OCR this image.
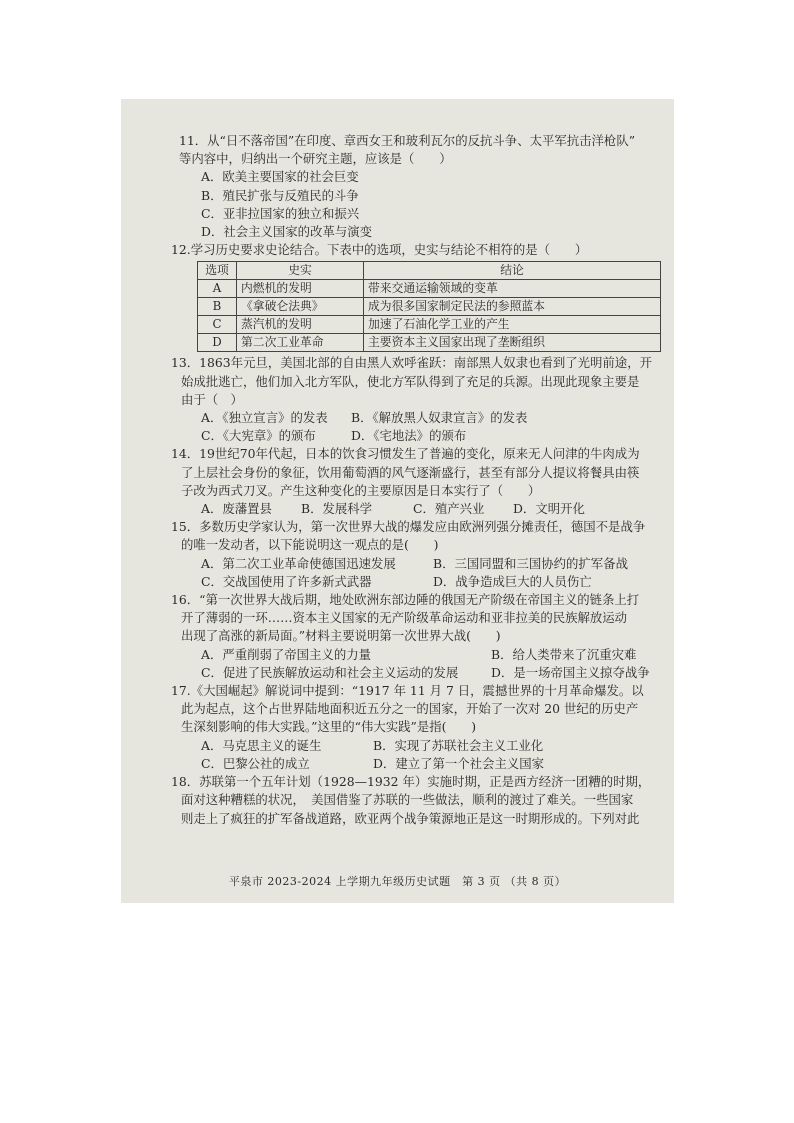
11．从“日不落帝国”在印度、章西女王和玻利瓦尔的反抗斗争、太平军抗击洋枪队”

等内容中，归纳出一个研究主题，应该是（　　）

A．欧美主要国家的社会巨变

B．殖民扩张与反殖民的斗争

C．亚非拉国家的独立和振兴

D．社会主义国家的改革与演变

12.学习历史要求史论结合。下表中的选项，史实与结论不相符的是（　　）

选项	史实	结论
A	内燃机的发明	带来交通运输领域的变革
B	《拿破仑法典》	成为很多国家制定民法的参照蓝本
C	蒸汽机的发明	加速了石油化学工业的产生
D	第二次工业革命	主要资本主义国家出现了垄断组织

13．1863年元旦，美国北部的自由黑人欢呼雀跃：南部黑人奴隶也看到了光明前途，开

始成批逃亡，他们加入北方军队，使北方军队得到了充足的兵源。出现此现象主要是

由于（　）

A．《独立宣言》的发表	B．《解放黑人奴隶宣言》的发表
C．《大宪章》的颁布	D．《宅地法》的颁布

14．19世纪70年代起，日本的饮食习惯发生了普遍的变化，原来无人问津的牛肉成为

了上层社会身份的象征，饮用葡萄酒的风气逐渐盛行，甚至有部分人提议将餐具由筷

子改为西式刀叉。产生这种变化的主要原因是日本实行了（　　）

A．废藩置县	B．发展科学	C．殖产兴业	D．文明开化

15．多数历史学家认为，第一次世界大战的爆发应由欧洲列强分摊责任，德国不是战争

的唯一发动者，以下能说明这一观点的是(　　)

A．第二次工业革命使德国迅速发展	B．三国同盟和三国协约的扩军备战
C．交战国使用了许多新式武器	D．战争造成巨大的人员伤亡

16．“第一次世界大战后期，地处欧洲东部边陲的俄国无产阶级在帝国主义的链条上打

开了薄弱的一环……资本主义国家的无产阶级革命运动和亚非拉美的民族解放运动

出现了高涨的新局面。”材料主要说明第一次世界大战(　　)

A．严重削弱了帝国主义的力量	B．给人类带来了沉重灾难
C．促进了民族解放运动和社会主义运动的发展	D．是一场帝国主义掠夺战争

17.《大国崛起》解说词中提到：“1917 年 11 月 7 日，震撼世界的十月革命爆发。以

此为起点，这个占世界陆地面积近五分之一的国家，开始了一次对 20 世纪的历史产

生深刻影响的伟大实践。”这里的“伟大实践”是指(　　)

A．马克思主义的诞生	B．实现了苏联社会主义工业化
C．巴黎公社的成立	D．建立了第一个社会主义国家

18．苏联第一个五年计划（1928—1932 年）实施时期，正是西方经济一团糟的时期，

面对这种糟糕的状况，　美国借鉴了苏联的一些做法，顺利的渡过了难关。一些国家

则走上了疯狂的扩军备战道路，欧亚两个战争策源地正是这一时期形成的。下列对此

平泉市 2023-2024 上学期九年级历史试题　第 3 页 （共 8 页）
